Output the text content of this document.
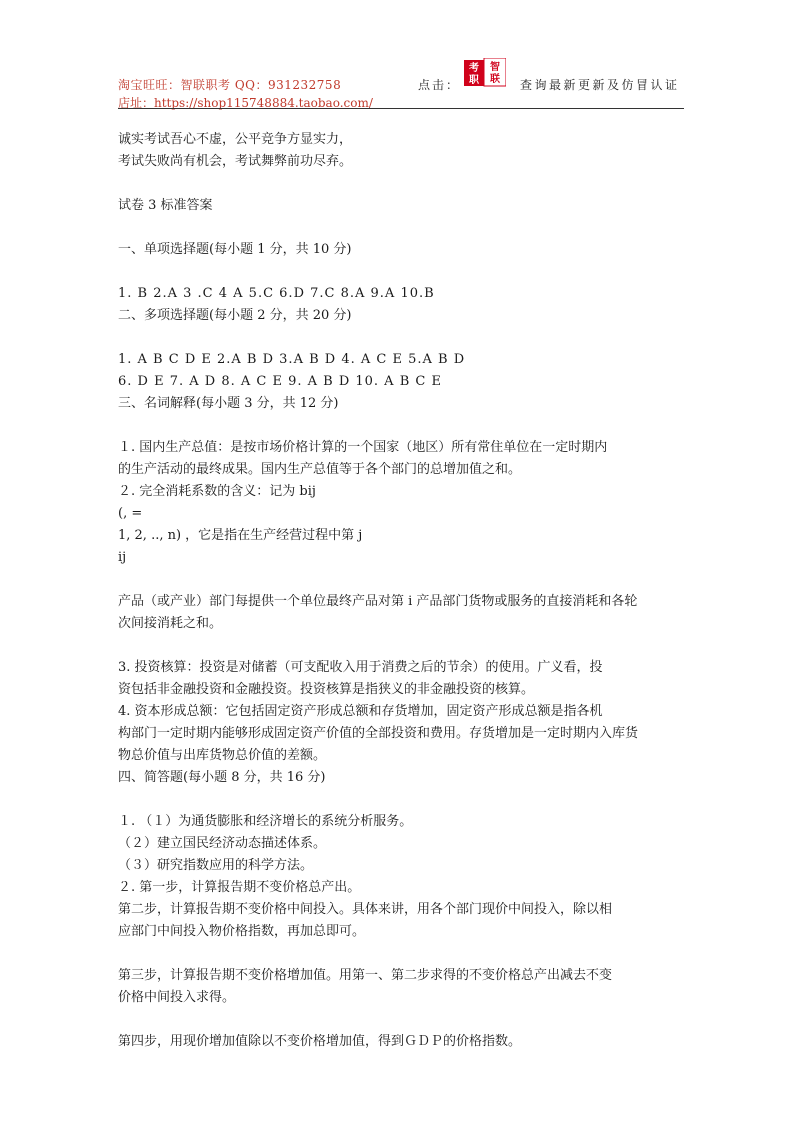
淘宝旺旺：智联职考 QQ：931232758
店址：https://shop115748884.taobao.com/
点击：
考
职
智
联 查询最新更新及仿冒认证

诚实考试吾心不虚，公平竞争方显实力，

考试失败尚有机会，考试舞弊前功尽弃。

试卷 3 标准答案

一、单项选择题(每小题 1 分，共 10 分)

1. B 2.A 3 .C 4 A 5.C 6.D 7.C 8.A 9.A 10.B

二、多项选择题(每小题 2 分，共 20 分)

1. A B C D E 2.A B D 3.A B D 4. A C E 5.A B D

6. D E 7. A D 8. A C E 9. A B D 10. A B C E

三、名词解释(每小题 3 分，共 12 分)

１. 国内生产总值：是按市场价格计算的一个国家（地区）所有常住单位在一定时期内

的生产活动的最终成果。国内生产总值等于各个部门的总增加值之和。

２. 完全消耗系数的含义：记为 bij

(, =

1, 2, .., n) ，它是指在生产经营过程中第 j

ij

产品（或产业）部门每提供一个单位最终产品对第 i 产品部门货物或服务的直接消耗和各轮

次间接消耗之和。

3. 投资核算：投资是对储蓄（可支配收入用于消费之后的节余）的使用。广义看，投

资包括非金融投资和金融投资。投资核算是指狭义的非金融投资的核算。

4. 资本形成总额：它包括固定资产形成总额和存货增加，固定资产形成总额是指各机

构部门一定时期内能够形成固定资产价值的全部投资和费用。存货增加是一定时期内入库货

物总价值与出库货物总价值的差额。

四、简答题(每小题 8 分，共 16 分)

１. （１）为通货膨胀和经济增长的系统分析服务。

（２）建立国民经济动态描述体系。

（３）研究指数应用的科学方法。

２. 第一步，计算报告期不变价格总产出。

第二步，计算报告期不变价格中间投入。具体来讲，用各个部门现价中间投入，除以相

应部门中间投入物价格指数，再加总即可。

第三步，计算报告期不变价格增加值。用第一、第二步求得的不变价格总产出减去不变

价格中间投入求得。

第四步，用现价增加值除以不变价格增加值，得到ＧＤＰ的价格指数。
